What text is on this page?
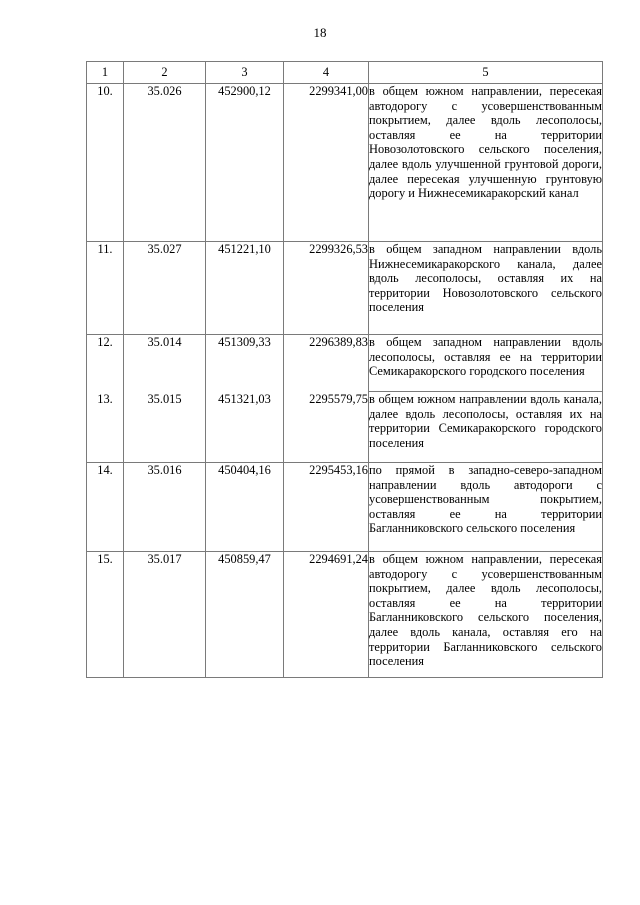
18
1	2	3	4	5
10.	35.026	452900,12	2299341,00	в общем южном направлении, пересекая автодорогу с усовершенствованным покрытием, далее вдоль лесополосы, оставляя ее на территории Новозолотовского сельского поселения, далее вдоль улучшенной грунтовой дороги, далее пересекая улучшенную грунтовую дорогу и Нижнесемикаракорский канал
11.	35.027	451221,10	2299326,53	в общем западном направлении вдоль Нижнесемикаракорского канала, далее вдоль лесополосы, оставляя их на территории Новозолотовского сельского поселения
12.	35.014	451309,33	2296389,83	в общем западном направлении вдоль лесополосы, оставляя ее на территории Семикаракорского городского поселения
13.	35.015	451321,03	2295579,75	в общем южном направлении вдоль канала, далее вдоль лесополосы, оставляя их на территории Семикаракорского городского поселения
14.	35.016	450404,16	2295453,16	по прямой в западно-северо-западном направлении вдоль автодороги с усовершенствованным покрытием, оставляя ее на территории Багланниковского сельского поселения
15.	35.017	450859,47	2294691,24	в общем южном направлении, пересекая автодорогу с усовершенствованным покрытием, далее вдоль лесополосы, оставляя ее на территории Багланниковского сельского поселения, далее вдоль канала, оставляя его на территории Багланниковского сельского поселения
